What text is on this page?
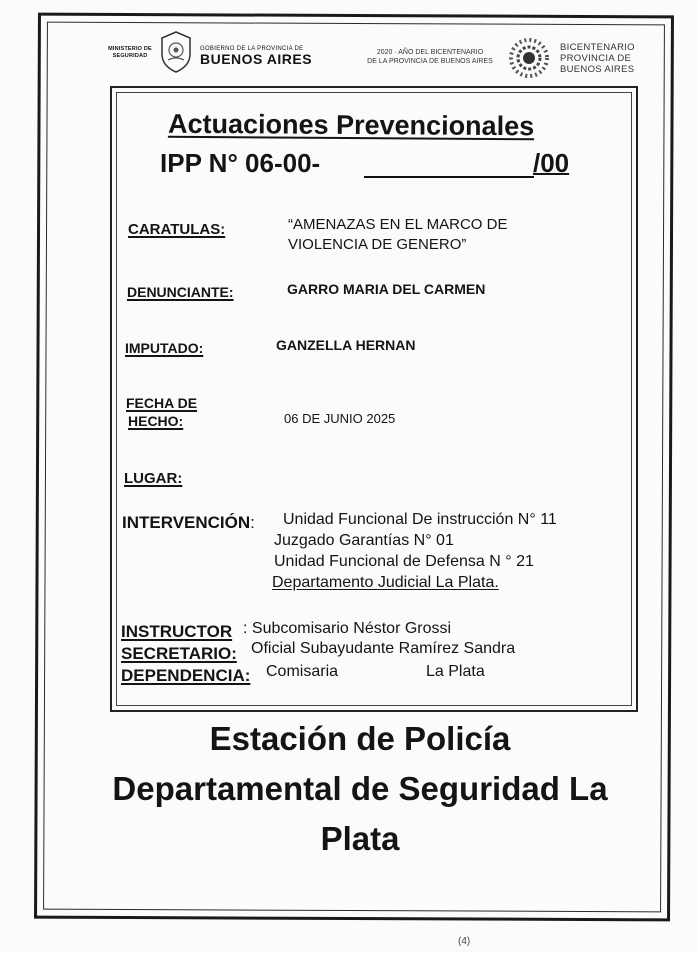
MINISTERIO DE SEGURIDAD
GOBIERNO DE LA PROVINCIA DE
BUENOS AIRES	2020 · AÑO DEL BICENTENARIO
DE LA PROVINCIA DE BUENOS AIRES
BICENTENARIO
PROVINCIA DE
BUENOS AIRES
Actuaciones Prevencionales
IPP N° 06-00-	/00
CARATULAS:	“AMENAZAS EN EL MARCO DE
VIOLENCIA DE GENERO”
DENUNCIANTE:	GARRO MARIA DEL CARMEN
IMPUTADO:	GANZELLA HERNAN
FECHA DE
HECHO:	06 DE JUNIO 2025
LUGAR:
INTERVENCIÓN: Unidad Funcional De instrucción N° 11
Juzgado Garantías N° 01
Unidad Funcional de Defensa N ° 21
Departamento Judicial La Plata.
INSTRUCTOR : Subcomisario Néstor Grossi
SECRETARIO: Oficial Subayudante Ramírez Sandra
DEPENDENCIA: Comisaria	La Plata
Estación de Policía
Departamental de Seguridad La
Plata
(4)
